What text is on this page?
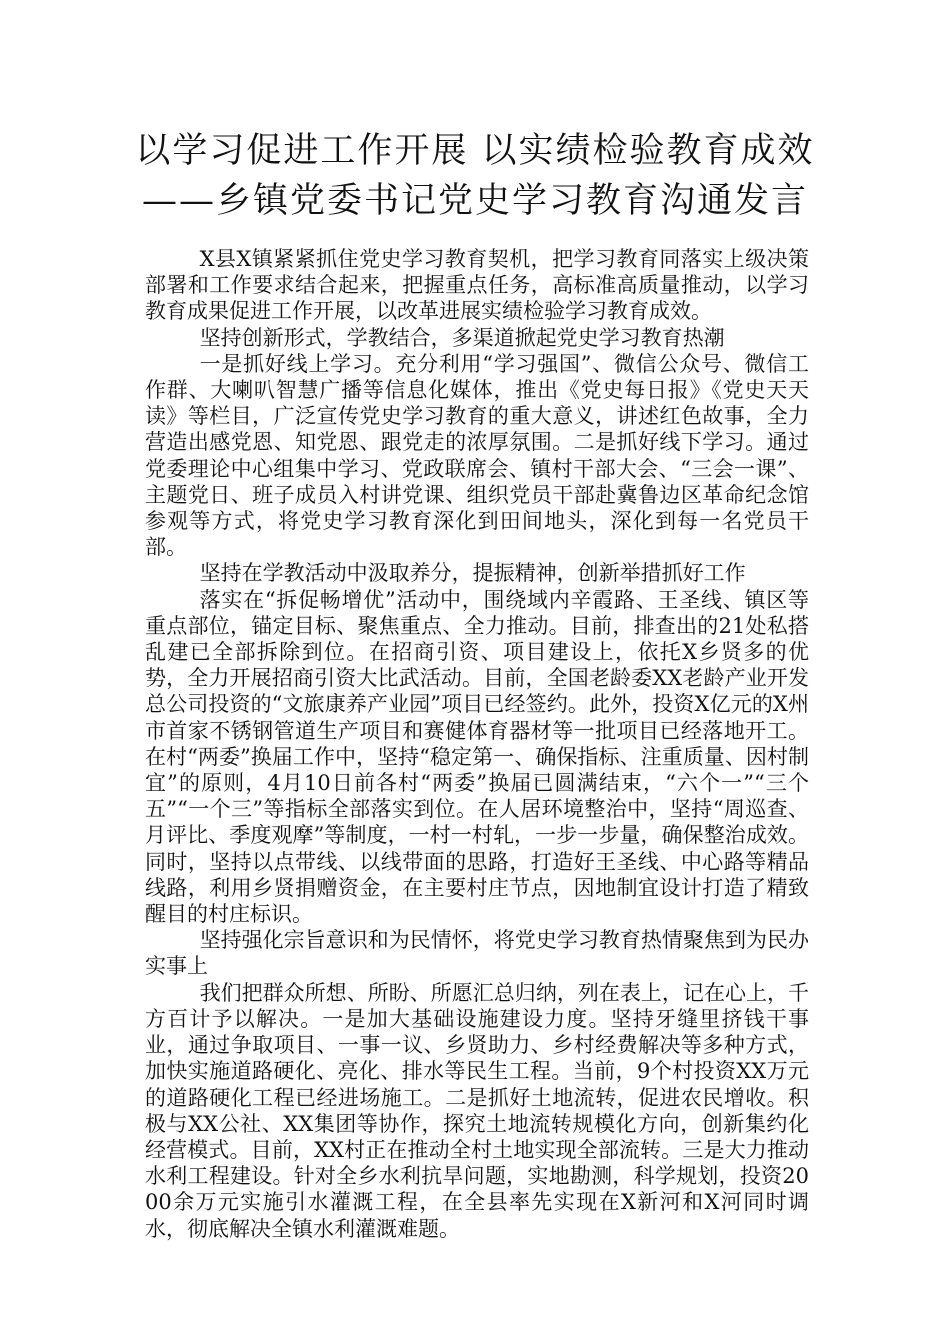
以学习促进工作开展 以实绩检验教育成效
——乡镇党委书记党史学习教育沟通发言

X县X镇紧紧抓住党史学习教育契机，把学习教育同落实上级决策部署和工作要求结合起来，把握重点任务，高标准高质量推动，以学习教育成果促进工作开展，以改革进展实绩检验学习教育成效。

坚持创新形式，学教结合，多渠道掀起党史学习教育热潮

一是抓好线上学习。充分利用“学习强国”、微信公众号、微信工作群、大喇叭智慧广播等信息化媒体，推出《党史每日报》《党史天天读》等栏目，广泛宣传党史学习教育的重大意义，讲述红色故事，全力营造出感党恩、知党恩、跟党走的浓厚氛围。二是抓好线下学习。通过党委理论中心组集中学习、党政联席会、镇村干部大会、“三会一课”、主题党日、班子成员入村讲党课、组织党员干部赴冀鲁边区革命纪念馆参观等方式，将党史学习教育深化到田间地头，深化到每一名党员干部。

坚持在学教活动中汲取养分，提振精神，创新举措抓好工作

落实在“拆促畅增优”活动中，围绕域内辛霞路、王圣线、镇区等重点部位，锚定目标、聚焦重点、全力推动。目前，排查出的21处私搭乱建已全部拆除到位。在招商引资、项目建设上，依托X乡贤多的优势，全力开展招商引资大比武活动。目前，全国老龄委XX老龄产业开发总公司投资的“文旅康养产业园”项目已经签约。此外，投资X亿元的X州市首家不锈钢管道生产项目和赛健体育器材等一批项目已经落地开工。在村“两委”换届工作中，坚持“稳定第一、确保指标、注重质量、因村制宜”的原则，4月10日前各村“两委”换届已圆满结束，“六个一”“三个五”“一个三”等指标全部落实到位。在人居环境整治中，坚持“周巡查、月评比、季度观摩”等制度，一村一村轧，一步一步量，确保整治成效。同时，坚持以点带线、以线带面的思路，打造好王圣线、中心路等精品线路，利用乡贤捐赠资金，在主要村庄节点，因地制宜设计打造了精致醒目的村庄标识。

坚持强化宗旨意识和为民情怀，将党史学习教育热情聚焦到为民办实事上

我们把群众所想、所盼、所愿汇总归纳，列在表上，记在心上，千方百计予以解决。一是加大基础设施建设力度。坚持牙缝里挤钱干事业，通过争取项目、一事一议、乡贤助力、乡村经费解决等多种方式，加快实施道路硬化、亮化、排水等民生工程。当前，9个村投资XX万元的道路硬化工程已经进场施工。二是抓好土地流转，促进农民增收。积极与XX公社、XX集团等协作，探究土地流转规模化方向，创新集约化经营模式。目前，XX村正在推动全村土地实现全部流转。三是大力推动水利工程建设。针对全乡水利抗旱问题，实地勘测，科学规划，投资2000余万元实施引水灌溉工程，在全县率先实现在X新河和X河同时调水，彻底解决全镇水利灌溉难题。
